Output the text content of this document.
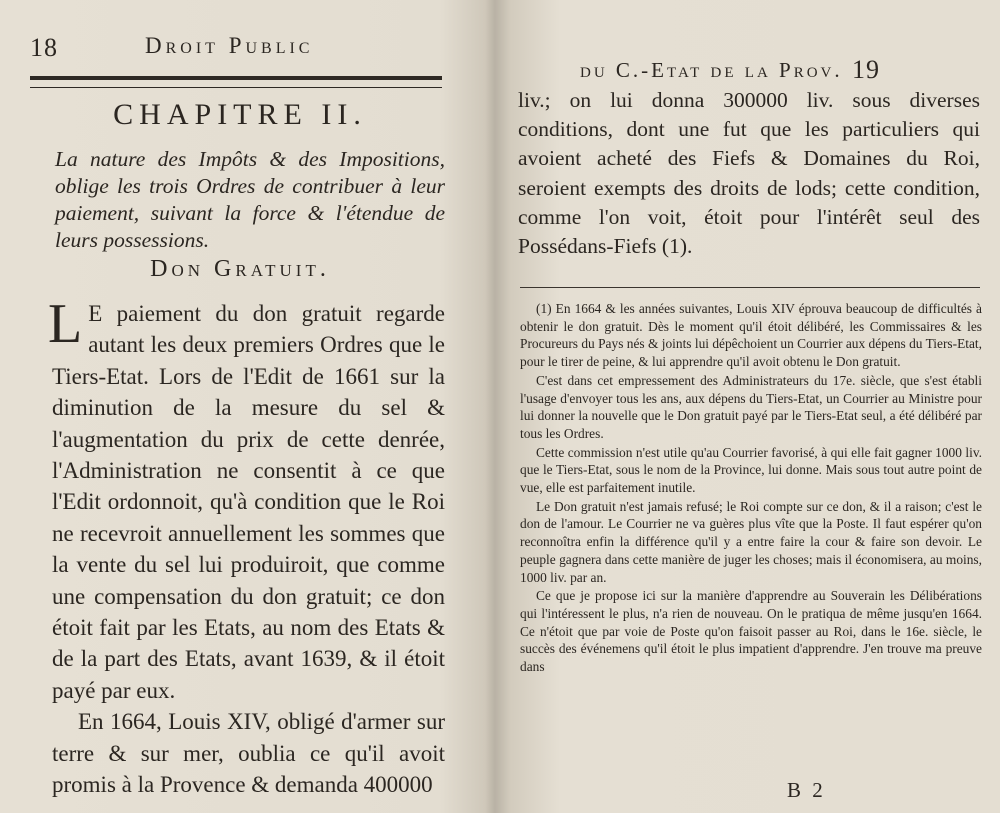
18	Droit Public
CHAPITRE II.
La nature des Impôts & des Impositions, oblige les trois Ordres de contribuer à leur paiement, suivant la force & l'étendue de leurs possessions.
Don Gratuit.

L E paiement du don gratuit regarde autant les deux premiers Ordres que le Tiers-Etat. Lors de l'Edit de 1661 sur la diminution de la mesure du sel & l'augmentation du prix de cette denrée, l'Administration ne consentit à ce que l'Edit ordonnoit, qu'à condition que le Roi ne recevroit annuellement les sommes que la vente du sel lui produiroit, que comme une compensation du don gratuit; ce don étoit fait par les Etats, au nom des Etats & de la part des Etats, avant 1639, & il étoit payé par eux.

En 1664, Louis XIV, obligé d'armer sur terre & sur mer, oublia ce qu'il avoit promis à la Provence & demanda 400000

du C.-Etat de la Prov. 19

liv.; on lui donna 300000 liv. sous diverses conditions, dont une fut que les particuliers qui avoient acheté des Fiefs & Domaines du Roi, seroient exempts des droits de lods; cette condition, comme l'on voit, étoit pour l'intérêt seul des Possédans-Fiefs (1).

(1) En 1664 & les années suivantes, Louis XIV éprouva beaucoup de difficultés à obtenir le don gratuit. Dès le moment qu'il étoit délibéré, les Commissaires & les Procureurs du Pays nés & joints lui dépêchoient un Courrier aux dépens du Tiers-Etat, pour le tirer de peine, & lui apprendre qu'il avoit obtenu le Don gratuit.

C'est dans cet empressement des Administrateurs du 17e. siècle, que s'est établi l'usage d'envoyer tous les ans, aux dépens du Tiers-Etat, un Courrier au Ministre pour lui donner la nouvelle que le Don gratuit payé par le Tiers-Etat seul, a été délibéré par tous les Ordres.

Cette commission n'est utile qu'au Courrier favorisé, à qui elle fait gagner 1000 liv. que le Tiers-Etat, sous le nom de la Province, lui donne. Mais sous tout autre point de vue, elle est parfaitement inutile.

Le Don gratuit n'est jamais refusé; le Roi compte sur ce don, & il a raison; c'est le don de l'amour. Le Courrier ne va guères plus vîte que la Poste. Il faut espérer qu'on reconnoîtra enfin la différence qu'il y a entre faire la cour & faire son devoir. Le peuple gagnera dans cette manière de juger les choses; mais il économisera, au moins, 1000 liv. par an.

Ce que je propose ici sur la manière d'apprendre au Souverain les Délibérations qui l'intéressent le plus, n'a rien de nouveau. On le pratiqua de même jusqu'en 1664. Ce n'étoit que par voie de Poste qu'on faisoit passer au Roi, dans le 16e. siècle, le succès des événemens qu'il étoit le plus impatient d'apprendre. J'en trouve ma preuve dans

B 2
